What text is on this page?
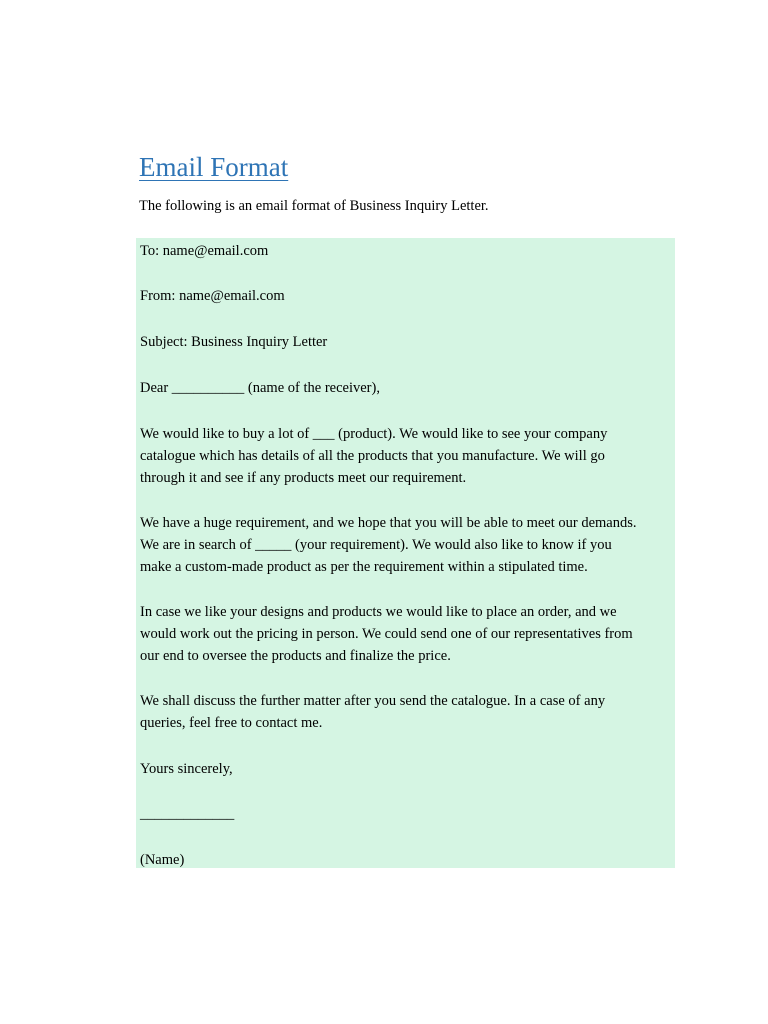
Email Format
The following is an email format of Business Inquiry Letter.
To: name@email.com
From: name@email.com
Subject: Business Inquiry Letter
Dear __________ (name of the receiver),
We would like to buy a lot of ___ (product). We would like to see your company
catalogue which has details of all the products that you manufacture. We will go
through it and see if any products meet our requirement.
We have a huge requirement, and we hope that you will be able to meet our demands.
We are in search of _____ (your requirement). We would also like to know if you
make a custom-made product as per the requirement within a stipulated time.
In case we like your designs and products we would like to place an order, and we
would work out the pricing in person. We could send one of our representatives from
our end to oversee the products and finalize the price.
We shall discuss the further matter after you send the catalogue. In a case of any
queries, feel free to contact me.
Yours sincerely,
_____________
(Name)
